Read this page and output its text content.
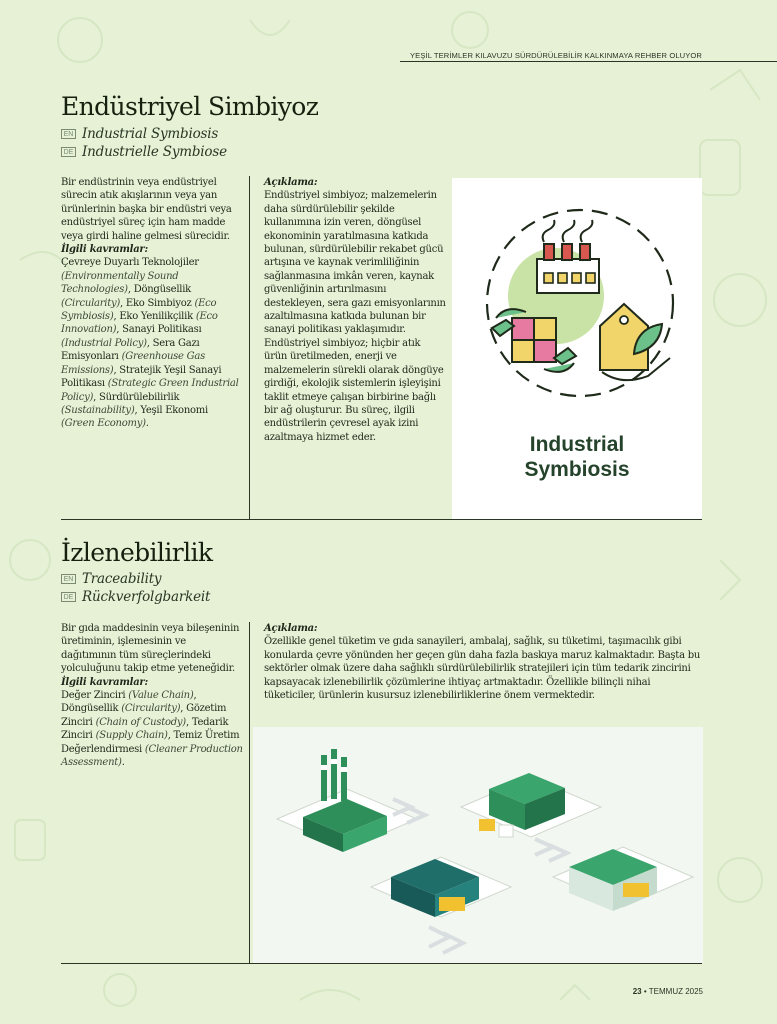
YEŞİL TERİMLER KILAVUZU SÜRDÜRÜLEBİLİR KALKINMAYA REHBER OLUYOR
Endüstriyel Simbiyoz
EN Industrial Symbiosis
DE Industrielle Symbiose

Bir endüstrinin veya endüstriyel sürecin atık akışlarının veya yan ürünlerinin başka bir endüstri veya endüstriyel süreç için ham madde veya girdi haline gelmesi sürecidir.

İlgili kavramlar:

Çevreye Duyarlı Teknolojiler (Environmentally Sound Technologies), Döngüsellik (Circularity), Eko Simbiyoz (Eco Symbiosis), Eko Yenilikçilik (Eco Innovation), Sanayi Politikası (Industrial Policy), Sera Gazı Emisyonları (Greenhouse Gas Emissions), Stratejik Yeşil Sanayi Politikası (Strategic Green Industrial Policy), Sürdürülebilirlik (Sustainability), Yeşil Ekonomi (Green Economy).

Açıklama:

Endüstriyel simbiyoz; malzemelerin daha sürdürülebilir şekilde kullanımına izin veren, döngüsel ekonominin yaratılmasına katkıda bulunan, sürdürülebilir rekabet gücü artışına ve kaynak verimliliğinin sağlanmasına imkân veren, kaynak güvenliğinin artırılmasını destekleyen, sera gazı emisyonlarının azaltılmasına katkıda bulunan bir sanayi politikası yaklaşımıdır. Endüstriyel simbiyoz; hiçbir atık ürün üretilmeden, enerji ve malzemelerin sürekli olarak döngüye girdiği, ekolojik sistemlerin işleyişini taklit etmeye çalışan birbirine bağlı bir ağ oluşturur. Bu süreç, ilgili endüstrilerin çevresel ayak izini azaltmaya hizmet eder.	Industrial
Symbiosis
İzlenebilirlik
EN Traceability
DE Rückverfolgbarkeit

Bir gıda maddesinin veya bileşeninin üretiminin, işlemesinin ve dağıtımının tüm süreçlerindeki yolculuğunu takip etme yeteneğidir.

İlgili kavramlar:

Değer Zinciri (Value Chain), Döngüsellik (Circularity), Gözetim Zinciri (Chain of Custody), Tedarik Zinciri (Supply Chain), Temiz Üretim Değerlendirmesi (Cleaner Production Assessment).

Açıklama:

Özellikle genel tüketim ve gıda sanayileri, ambalaj, sağlık, su tüketimi, taşımacılık gibi konularda çevre yönünden her geçen gün daha fazla baskıya maruz kalmaktadır. Başta bu sektörler olmak üzere daha sağlıklı sürdürülebilirlik stratejileri için tüm tedarik zincirini kapsayacak izlenebilirlik çözümlerine ihtiyaç artmaktadır. Özellikle bilinçli nihai tüketiciler, ürünlerin kusursuz izlenebilirliklerine önem vermektedir.

23 • TEMMUZ 2025
